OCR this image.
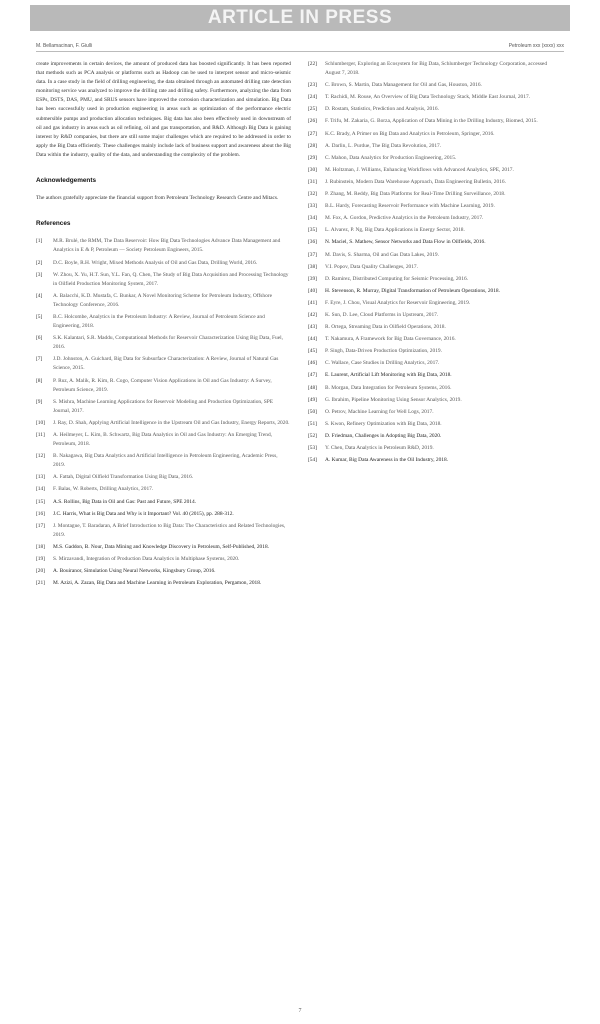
ARTICLE IN PRESS
M. Bellamacinan, F. Giulli	Petroleum xxx (xxxx) xxx

create improvements in certain devices, the amount of produced data has boosted significantly. It has been reported that methods such as PCA analysis or platforms such as Hadoop can be used to interpret sensor and micro-seismic data. In a case study in the field of drilling engineering, the data obtained through an automated drilling rate detection monitoring service was analyzed to improve the drilling rate and drilling safety. Furthermore, analyzing the data from ESPs, DSTS, DAS, PMU, and SRUS sensors have improved the corrosion characterization and simulation. Big Data has been successfully used in production engineering in areas such as optimization of the performance electric submersible pumps and production allocation techniques. Big data has also been effectively used in downstream of oil and gas industry in areas such as oil refining, oil and gas transportation, and R&D. Although Big Data is gaining interest by R&D companies, but there are still some major challenges which are required to be addressed in order to apply the Big Data efficiently. These challenges mainly include lack of business support and awareness about the Big Data within the industry, quality of the data, and understanding the complexity of the problem.

Acknowledgements

The authors gratefully appreciate the financial support from Petroleum Technology Research Centre and Mitacs.

References
[1]	M.R. Brulé, the RMM, The Data Reservoir: How Big Data Technologies Advance Data Management and Analytics in E & P, Petroleum — Society Petroleum Engineers, 2015.
[2]	D.C. Boyle, R.H. Wright, Mixed Methods Analysis of Oil and Gas Data, Drilling World, 2016.
[3]	W. Zhou, X. Yu, H.T. Sun, Y.L. Fan, Q. Chen, The Study of Big Data Acquisition and Processing Technology in Oilfield Production Monitoring System, 2017.
[4]	A. Balacchi, K.D. Mustafa, C. Bunkar, A Novel Monitoring Scheme for Petroleum Industry, Offshore Technology Conference, 2016.
[5]	B.C. Holcombe, Analytics in the Petroleum Industry: A Review, Journal of Petroleum Science and Engineering, 2018.
[6]	S.K. Kalantari, S.R. Maddu, Computational Methods for Reservoir Characterization Using Big Data, Fuel, 2016.
[7]	J.D. Johnston, A. Guichard, Big Data for Subsurface Characterization: A Review, Journal of Natural Gas Science, 2015.
[8]	P. Ruz, A. Malik, R. Kim, R. Cogo, Computer Vision Applications in Oil and Gas Industry: A Survey, Petroleum Science, 2019.
[9]	S. Mishra, Machine Learning Applications for Reservoir Modeling and Production Optimization, SPE Journal, 2017.
[10]	J. Ray, D. Shah, Applying Artificial Intelligence in the Upstream Oil and Gas Industry, Energy Reports, 2020.
[11]	A. Heilmeyer, L. Kim, B. Schwartz, Big Data Analytics in Oil and Gas Industry: An Emerging Trend, Petroleum, 2018.
[12]	B. Nakagawa, Big Data Analytics and Artificial Intelligence in Petroleum Engineering, Academic Press, 2019.
[13]	A. Fattah, Digital Oilfield Transformation Using Big Data, 2016.
[14]	F. Balas, W. Roberts, Drilling Analytics, 2017.
[15]	A.S. Rollins, Big Data in Oil and Gas: Past and Future, SPE 2014.
[16]	J.C. Harris, What is Big Data and Why is it Important? Vol. 40 (2015), pp. 288-312.
[17]	J. Montague, T. Baradaran, A Brief Introduction to Big Data: The Characteristics and Related Technologies, 2019.
[18]	M.S. Gaddon, B. Nour, Data Mining and Knowledge Discovery in Petroleum, Self-Published, 2018.
[19]	S. Mirzavandi, Integration of Production Data Analytics in Multiphase Systems, 2020.
[20]	A. Bouiranor, Simulation Using Neural Networks, Kingsbury Group, 2016.
[21]	M. Azizi, A. Zazan, Big Data and Machine Learning in Petroleum Exploration, Pergamon, 2018.
[22]	Schlumberger, Exploring an Ecosystem for Big Data, Schlumberger Technology Corporation, accessed August 7, 2018.
[23]	C. Brown, S. Martin, Data Management for Oil and Gas, Houston, 2016.
[24]	T. Rachidi, M. Rouse, An Overview of Big Data Technology Stack, Middle East Journal, 2017.
[25]	D. Rostam, Statistics, Prediction and Analysis, 2016.
[26]	F. Trifu, M. Zakaria, G. Borza, Application of Data Mining in the Drilling Industry, Biomed, 2015.
[27]	K.C. Brady, A Primer on Big Data and Analytics in Petroleum, Springer, 2016.
[28]	A. Darlin, L. Purdue, The Big Data Revolution, 2017.
[29]	C. Mahon, Data Analytics for Production Engineering, 2015.
[30]	M. Holtzman, J. Williams, Enhancing Workflows with Advanced Analytics, SPE, 2017.
[31]	J. Rubinstein, Modern Data Warehouse Approach, Data Engineering Bulletin, 2016.
[32]	P. Zhang, M. Reddy, Big Data Platforms for Real-Time Drilling Surveillance, 2018.
[33]	B.L. Hardy, Forecasting Reservoir Performance with Machine Learning, 2019.
[34]	M. Fox, A. Gordon, Predictive Analytics in the Petroleum Industry, 2017.
[35]	L. Alvarez, P. Ng, Big Data Applications in Energy Sector, 2018.
[36]	N. Maciel, S. Mathew, Sensor Networks and Data Flow in Oilfields, 2016.
[37]	M. Davis, S. Sharma, Oil and Gas Data Lakes, 2019.
[38]	V.I. Popov, Data Quality Challenges, 2017.
[39]	D. Ramirez, Distributed Computing for Seismic Processing, 2016.
[40]	H. Stevenson, R. Murray, Digital Transformation of Petroleum Operations, 2018.
[41]	F. Eyre, J. Chou, Visual Analytics for Reservoir Engineering, 2019.
[42]	K. Sun, D. Lee, Cloud Platforms in Upstream, 2017.
[43]	R. Ortega, Streaming Data in Oilfield Operations, 2018.
[44]	T. Nakamura, A Framework for Big Data Governance, 2016.
[45]	P. Singh, Data-Driven Production Optimization, 2019.
[46]	C. Wallace, Case Studies in Drilling Analytics, 2017.
[47]	E. Laurent, Artificial Lift Monitoring with Big Data, 2018.
[48]	B. Morgan, Data Integration for Petroleum Systems, 2016.
[49]	G. Ibrahim, Pipeline Monitoring Using Sensor Analytics, 2019.
[50]	O. Petrov, Machine Learning for Well Logs, 2017.
[51]	S. Kwon, Refinery Optimization with Big Data, 2018.
[52]	D. Friedman, Challenges in Adopting Big Data, 2020.
[53]	Y. Chen, Data Analytics in Petroleum R&D, 2019.
[54]	A. Kumar, Big Data Awareness in the Oil Industry, 2018.
7
